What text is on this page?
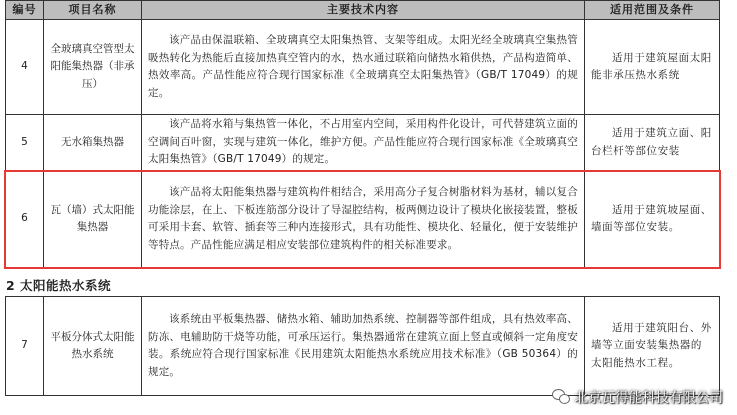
编号	项目名称	主要技术内容	适用范围及条件
4	全玻璃真空管型太阳能集热器（非承压）	该产品由保温联箱、全玻璃真空太阳集热管、支架等组成。太阳光经全玻璃真空集热管吸热转化为热能后直接加热真空管内的水，热水通过联箱向储热水箱供热，产品构造简单、热效率高。产品性能应符合现行国家标准《全玻璃真空太阳集热管》（GB/T 17049）的规定。	适用于建筑屋面太阳能非承压热水系统
5	无水箱集热器	该产品将水箱与集热管一体化，不占用室内空间，采用构件化设计，可代替建筑立面的空调间百叶窗，实现与建筑一体化，维护方便。产品性能应符合现行国家标准《全玻璃真空太阳集热管》（GB/T 17049）的规定。	适用于建筑立面、阳台栏杆等部位安装
6	瓦（墙）式太阳能集热器	该产品将太阳能集热器与建筑构件相结合，采用高分子复合树脂材料为基材，辅以复合功能涂层，在上、下板连筋部分设计了导湿腔结构，板两侧边设计了模块化嵌接装置，整板可采用卡套、软管、插套等三种内连接形式，具有功能性、模块化、轻量化，便于安装维护等特点。产品性能应满足相应安装部位建筑构件的相关标准要求。	适用于建筑坡屋面、墙面等部位安装。
2 太阳能热水系统
7	平板分体式太阳能热水系统	该系统由平板集热器、储热水箱、辅助加热系统、控制器等部件组成，具有热效率高、防冻、电辅助防干烧等功能，可承压运行。集热器通常在建筑立面上竖直或倾斜一定角度安装。系统应符合现行国家标准《民用建筑太阳能热水系统应用技术标准》（GB 50364）的规定。	适用于建筑阳台、外墙等立面安装集热器的太阳能热水工程。
北京瓦得能科技有限公司
